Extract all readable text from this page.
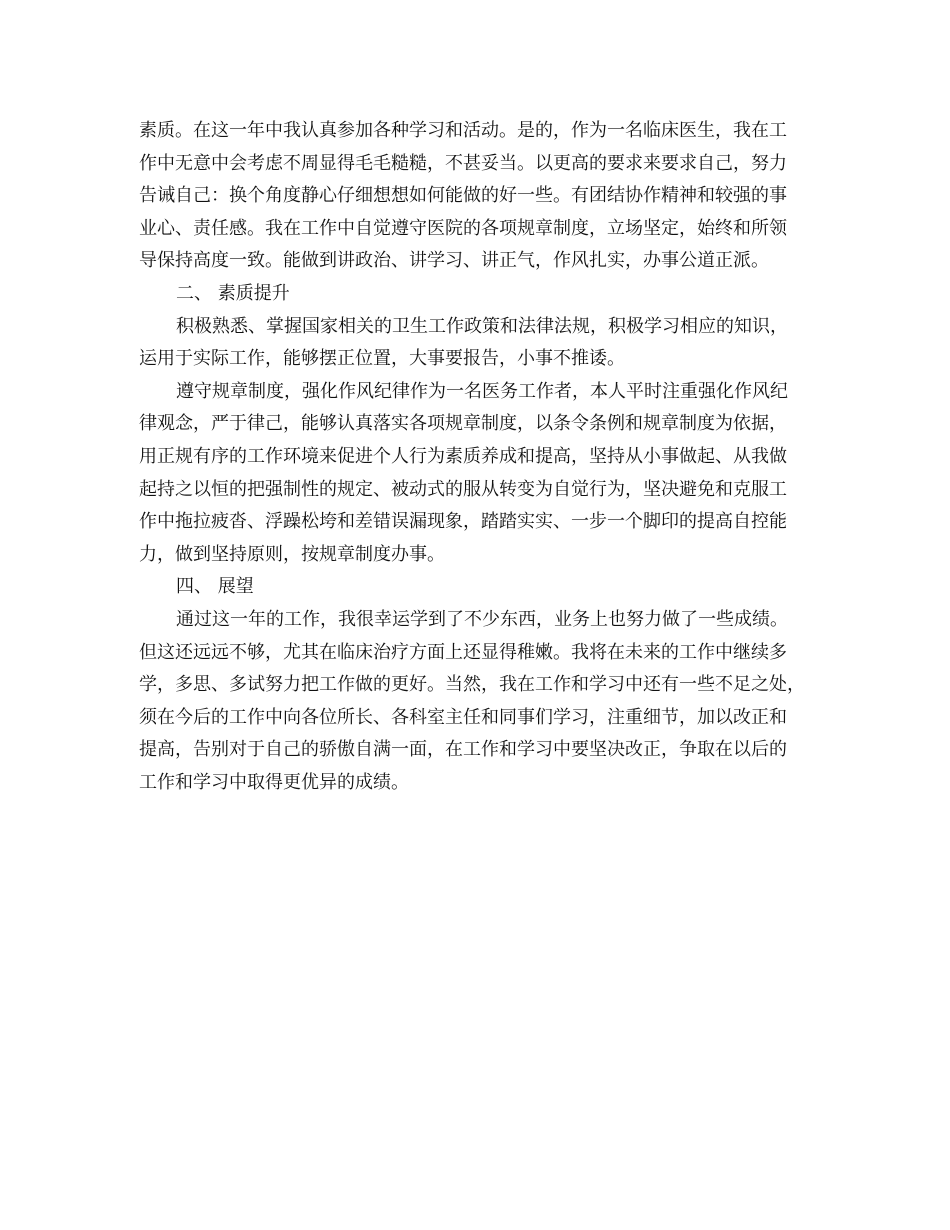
素质。在这一年中我认真参加各种学习和活动。是的，作为一名临床医生，我在工
作中无意中会考虑不周显得毛毛糙糙，不甚妥当。以更高的要求来要求自己，努力
告诫自己：换个角度静心仔细想想如何能做的好一些。有团结协作精神和较强的事
业心、责任感。我在工作中自觉遵守医院的各项规章制度，立场坚定，始终和所领
导保持高度一致。能做到讲政治、讲学习、讲正气，作风扎实，办事公道正派。
二、 素质提升
积极熟悉、掌握国家相关的卫生工作政策和法律法规，积极学习相应的知识，
运用于实际工作，能够摆正位置，大事要报告，小事不推诿。
遵守规章制度，强化作风纪律作为一名医务工作者，本人平时注重强化作风纪
律观念，严于律己，能够认真落实各项规章制度，以条令条例和规章制度为依据，
用正规有序的工作环境来促进个人行为素质养成和提高，坚持从小事做起、从我做
起持之以恒的把强制性的规定、被动式的服从转变为自觉行为，坚决避免和克服工
作中拖拉疲沓、浮躁松垮和差错误漏现象，踏踏实实、一步一个脚印的提高自控能
力，做到坚持原则，按规章制度办事。
四、 展望
通过这一年的工作，我很幸运学到了不少东西，业务上也努力做了一些成绩。
但这还远远不够，尤其在临床治疗方面上还显得稚嫩。我将在未来的工作中继续多
学，多思、多试努力把工作做的更好。当然，我在工作和学习中还有一些不足之处，
须在今后的工作中向各位所长、各科室主任和同事们学习，注重细节，加以改正和
提高，告别对于自己的骄傲自满一面，在工作和学习中要坚决改正，争取在以后的
工作和学习中取得更优异的成绩。
